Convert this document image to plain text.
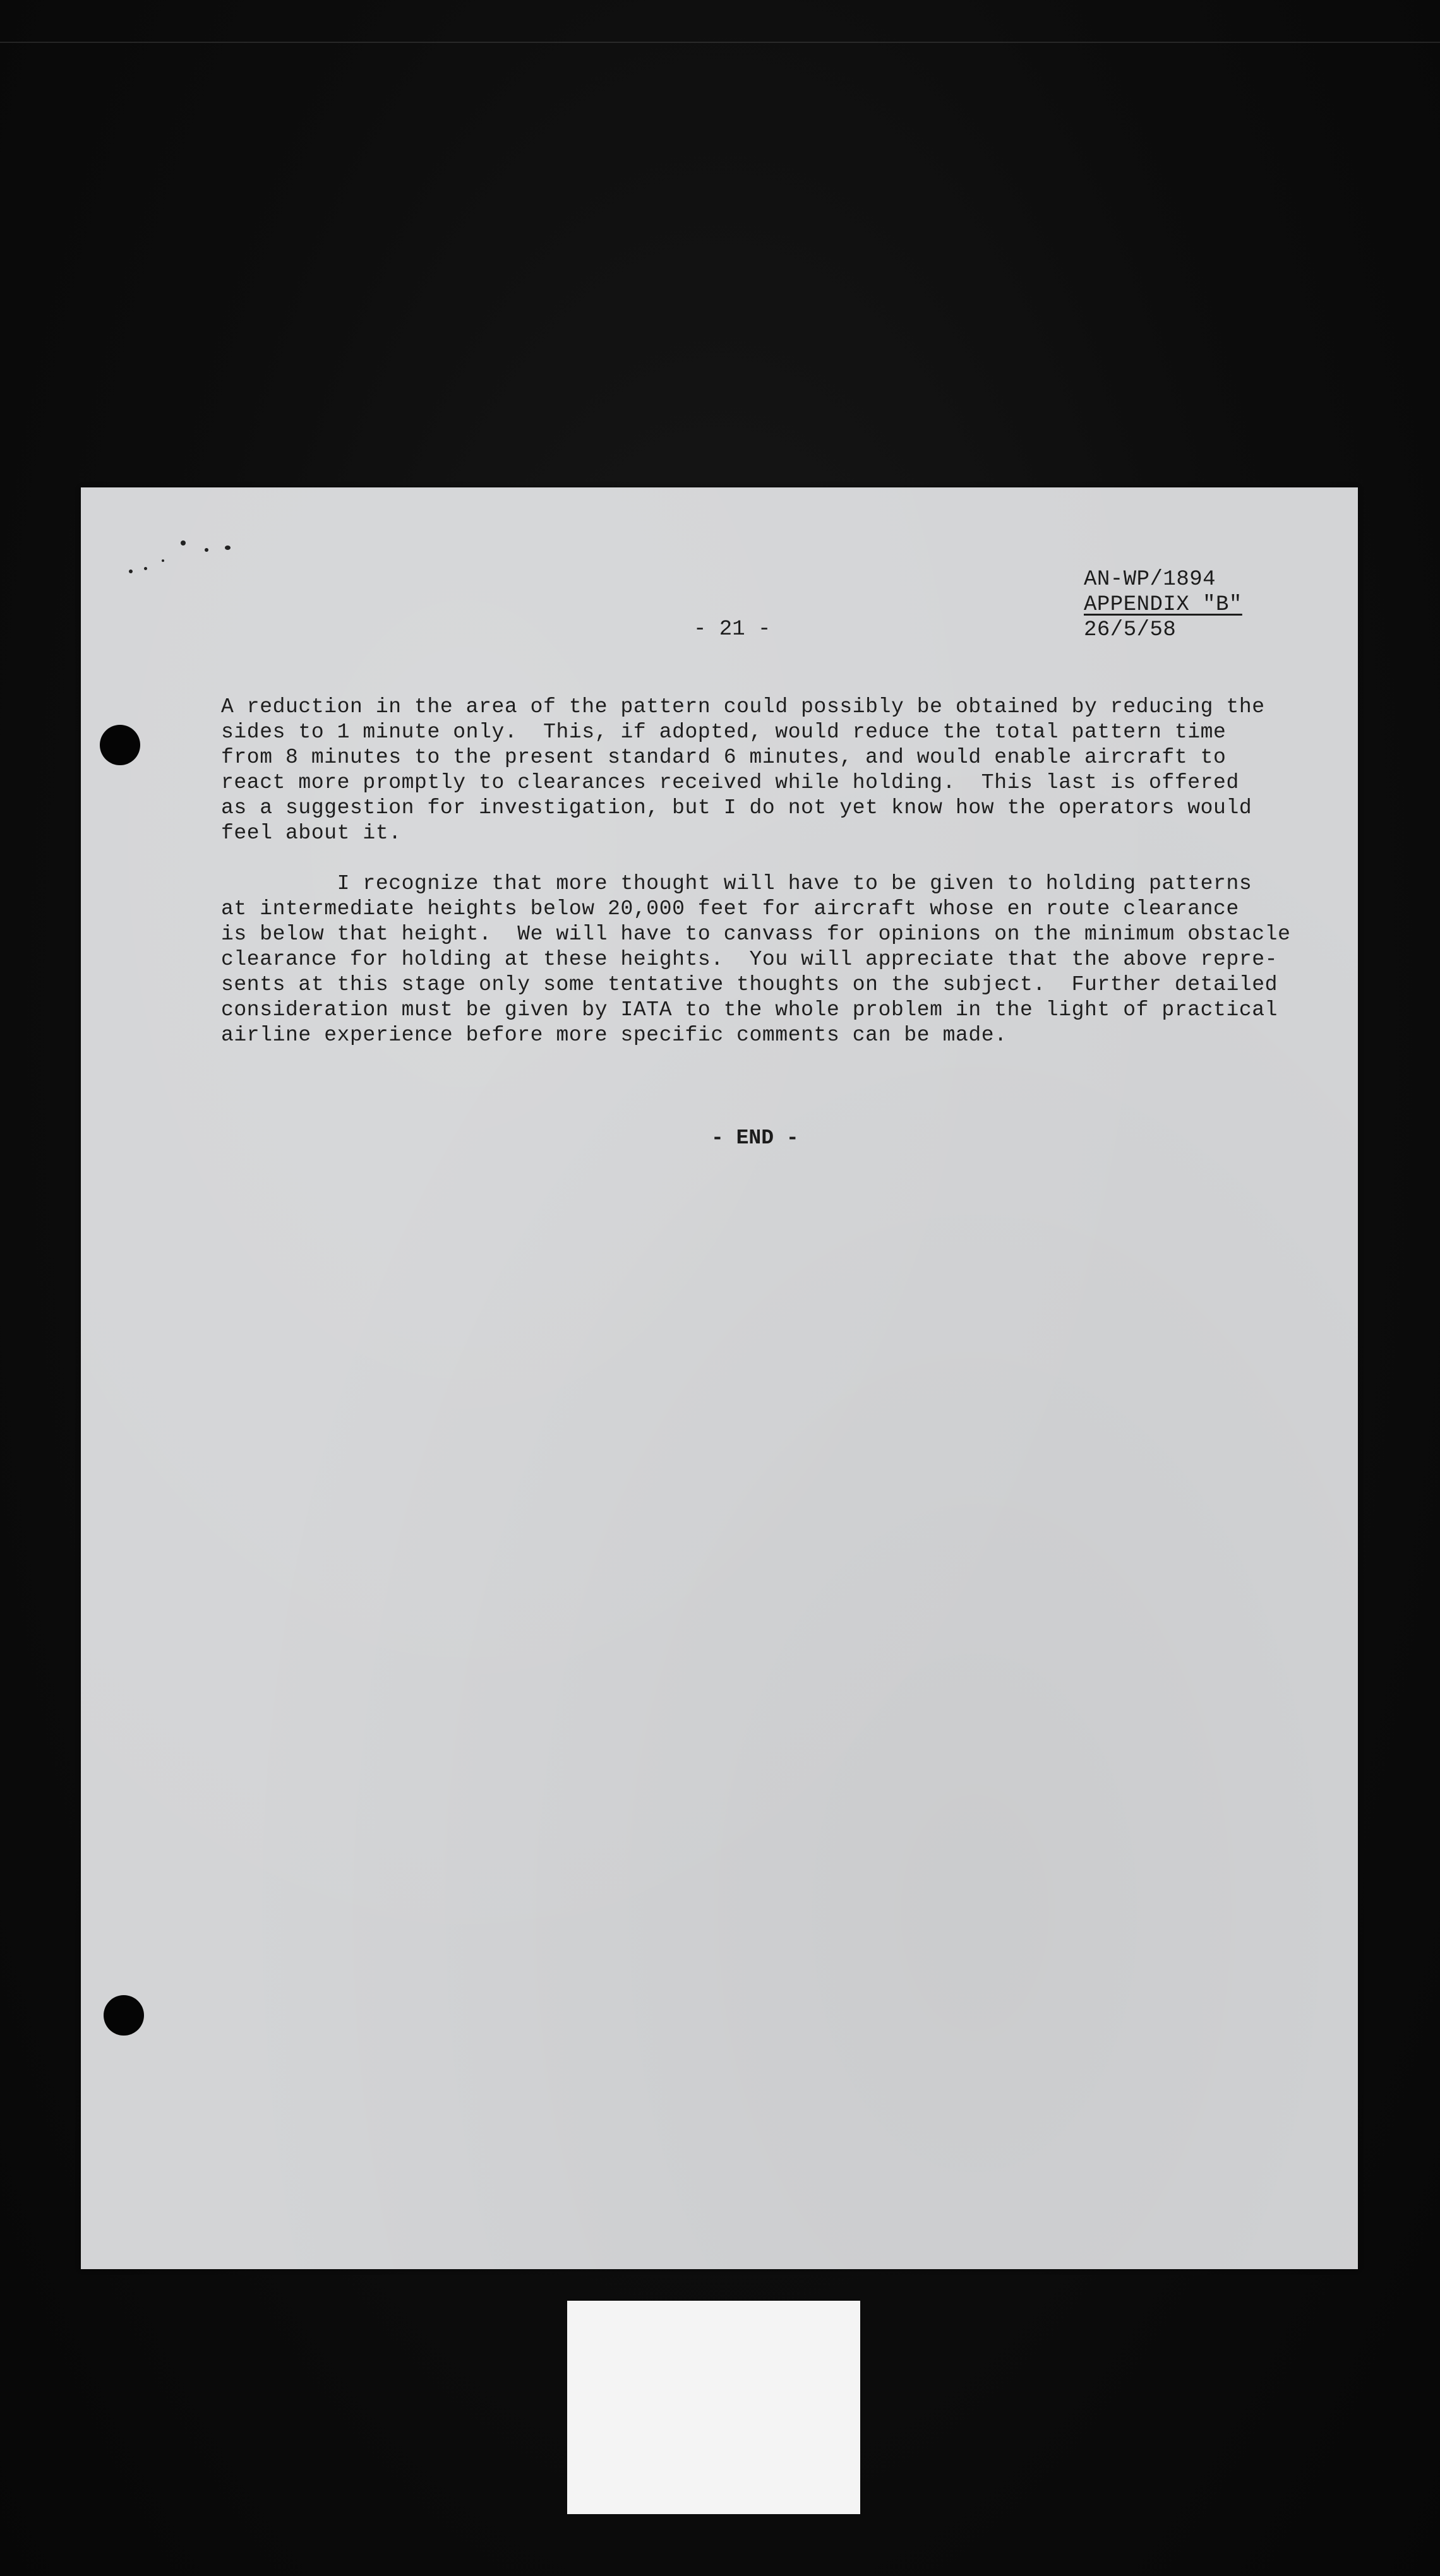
AN-WP/1894
APPENDIX "B"
26/5/58
- 21 -

A reduction in the area of the pattern could possibly be obtained by reducing the
sides to 1 minute only.  This, if adopted, would reduce the total pattern time
from 8 minutes to the present standard 6 minutes, and would enable aircraft to
react more promptly to clearances received while holding.  This last is offered
as a suggestion for investigation, but I do not yet know how the operators would
feel about it.

I recognize that more thought will have to be given to holding patterns
at intermediate heights below 20,000 feet for aircraft whose en route clearance
is below that height.  We will have to canvass for opinions on the minimum obstacle
clearance for holding at these heights.  You will appreciate that the above repre-
sents at this stage only some tentative thoughts on the subject.  Further detailed
consideration must be given by IATA to the whole problem in the light of practical
airline experience before more specific comments can be made.

- END -
